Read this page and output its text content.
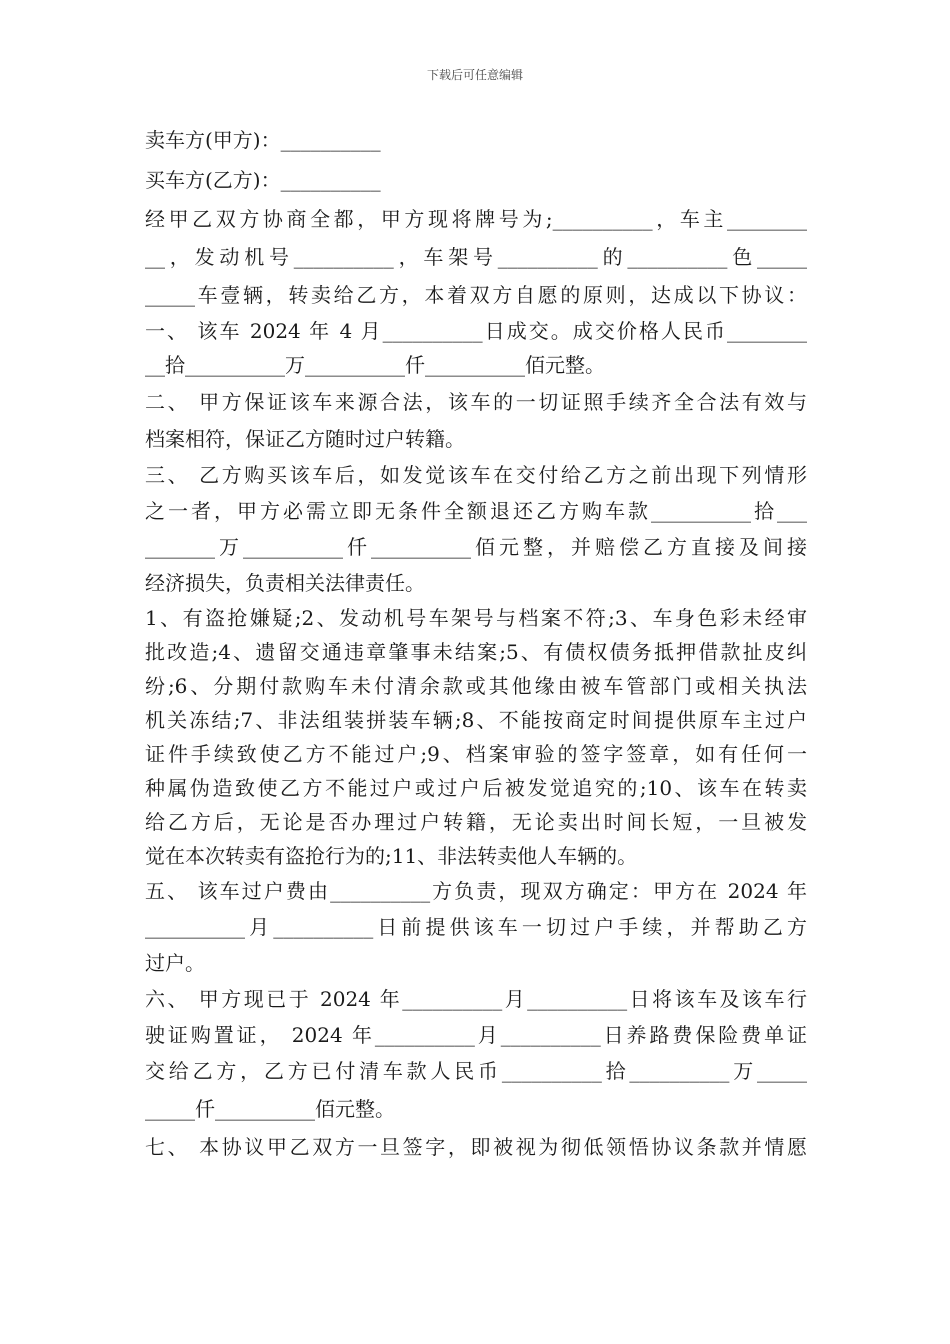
下载后可任意编辑
卖车方(甲方)：__________
买车方(乙方)：__________
经甲乙双方协商全都，甲方现将牌号为;__________，车主________
__，发动机号__________，车架号__________的__________色_____
_____车壹辆，转卖给乙方，本着双方自愿的原则，达成以下协议：
一、 该车 2024 年 4 月__________日成交。成交价格人民币________
__拾__________万__________仟__________佰元整。
二、 甲方保证该车来源合法，该车的一切证照手续齐全合法有效与
档案相符，保证乙方随时过户转籍。
三、 乙方购买该车后，如发觉该车在交付给乙方之前出现下列情形
之一者，甲方必需立即无条件全额退还乙方购车款__________拾___
_______万__________仟__________佰元整，并赔偿乙方直接及间接
经济损失，负责相关法律责任。
1、有盗抢嫌疑;2、发动机号车架号与档案不符;3、车身色彩未经审
批改造;4、遗留交通违章肇事未结案;5、有债权债务抵押借款扯皮纠
纷;6、分期付款购车未付清余款或其他缘由被车管部门或相关执法
机关冻结;7、非法组装拼装车辆;8、不能按商定时间提供原车主过户
证件手续致使乙方不能过户;9、档案审验的签字签章，如有任何一
种属伪造致使乙方不能过户或过户后被发觉追究的;10、该车在转卖
给乙方后，无论是否办理过户转籍，无论卖出时间长短，一旦被发
觉在本次转卖有盗抢行为的;11、非法转卖他人车辆的。
五、 该车过户费由__________方负责，现双方确定：甲方在 2024 年
__________月__________日前提供该车一切过户手续，并帮助乙方
过户。
六、 甲方现已于 2024 年__________月__________日将该车及该车行
驶证购置证， 2024 年__________月__________日养路费保险费单证
交给乙方，乙方已付清车款人民币__________拾__________万_____
_____仟__________佰元整。
七、 本协议甲乙双方一旦签字，即被视为彻低领悟协议条款并情愿
